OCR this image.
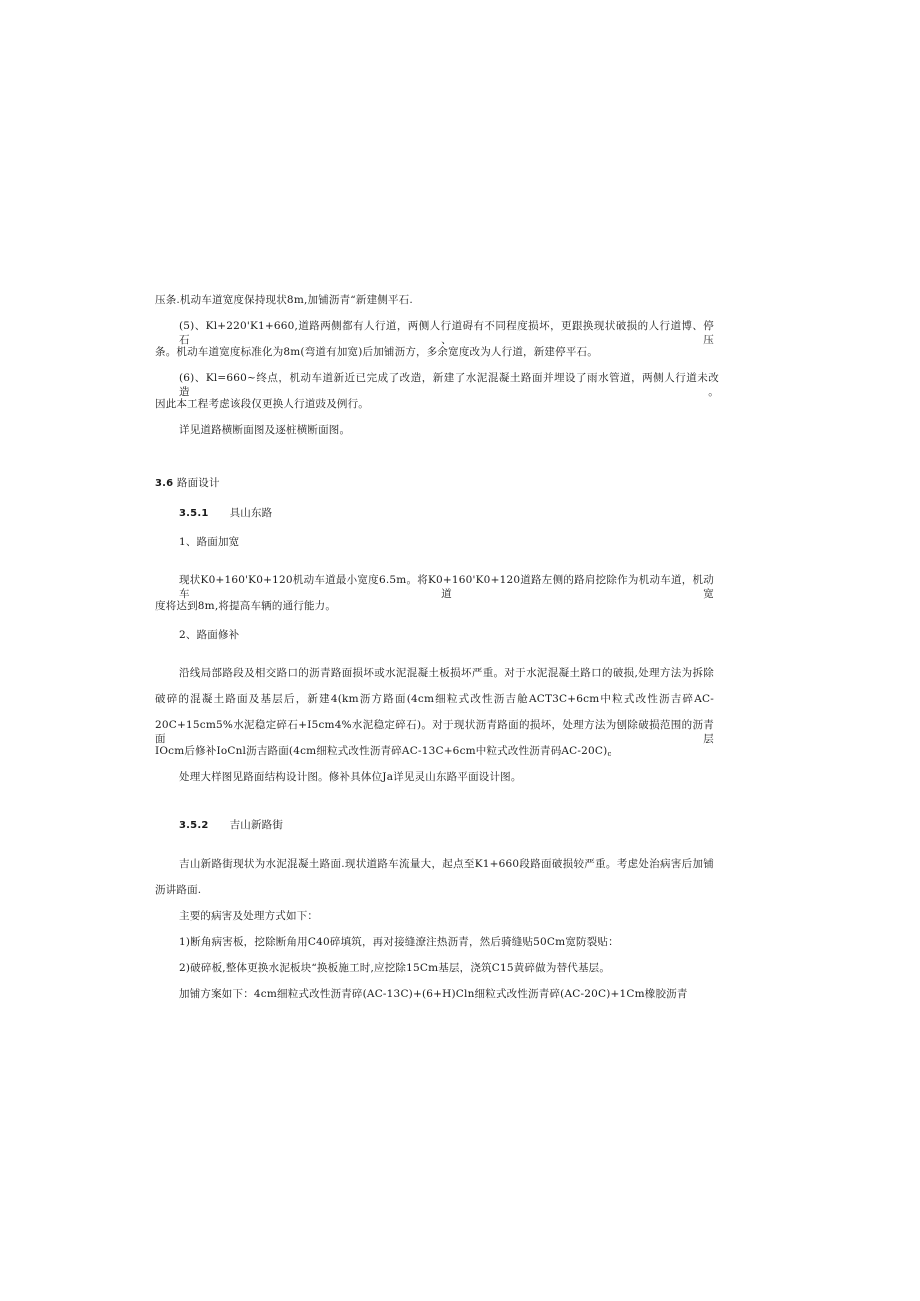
压条.机动车道宽度保持现状8m,加铺沥青“新建侧平石.
(5)、Kl+220'K1+660,道路两侧都有人行道，两侧人行道碍有不同程度损坏，更跟换现状破损的人行道博、停石、压
条。机动车道宽度标准化为8m(弯道有加宽)后加铺沥方，多余宽度改为人行道，新建停平石。
(6)、Kl=660~终点，机动车道新近已完成了改造，新建了水泥混凝土路面并埋设了雨水管道，两侧人行道未改造。
因此本工程考虑该段仅更换人行道豉及例行。
详见道路横断面图及逐桩横断面图。
3.6 路面设计
3.5.1 具山东路
1、路面加宽
现状K0+160'K0+120机动车道最小宽度6.5m。将K0+160'K0+120道路左侧的路肩挖除作为机动车道，机动车道宽
度将达到8m,将提高车辆的通行能力。
2、路面修补
沿线局部路段及相交路口的沥青路面损坏或水泥混凝土板损坏严重。对于水泥混凝土路口的破损,处理方法为拆除
破碎的混凝土路面及基层后，新建4(km沥方路面(4cm细粒式改性沥吉舱ACT3C+6cm中粒式改性沥吉碎AC-
20C+15cm5%水泥稳定碎石+I5cm4%水泥稳定碎石)。对于现状沥青路面的损坏，处理方法为刨除破损范围的沥青面层
IOcm后修补IoCnl沥吉路面(4cm细粒式改性沥青碎AC-13C+6cm中粒式改性沥青码$AC-20C)_c$
处理大样图见路面结构设计图。修补具体位Ja详见灵山东路平面设计图。
3.5.2 吉山新路街
吉山新路街现状为水泥混凝土路面.现状道路车流量大，起点至K1+660段路面破损较严重。考虑处治病害后加铺
沥讲路面.
主要的病害及处理方式如下：
1)断角病害板，挖除断角用C40碎填筑，再对接缝潦注热沥青，然后骑缝贴50Cm宽防裂贴：
2)破碎板,整体更换水泥板块“换板施工时,应挖除15Cm基层，浇筑C15黄碎做为替代基层。
加铺方案如下：4cm细粒式改性沥青碎(AC-13C)+(6+H)Cln细粒式改性沥青碎(AC-20C)+1Cm橡胶沥青
